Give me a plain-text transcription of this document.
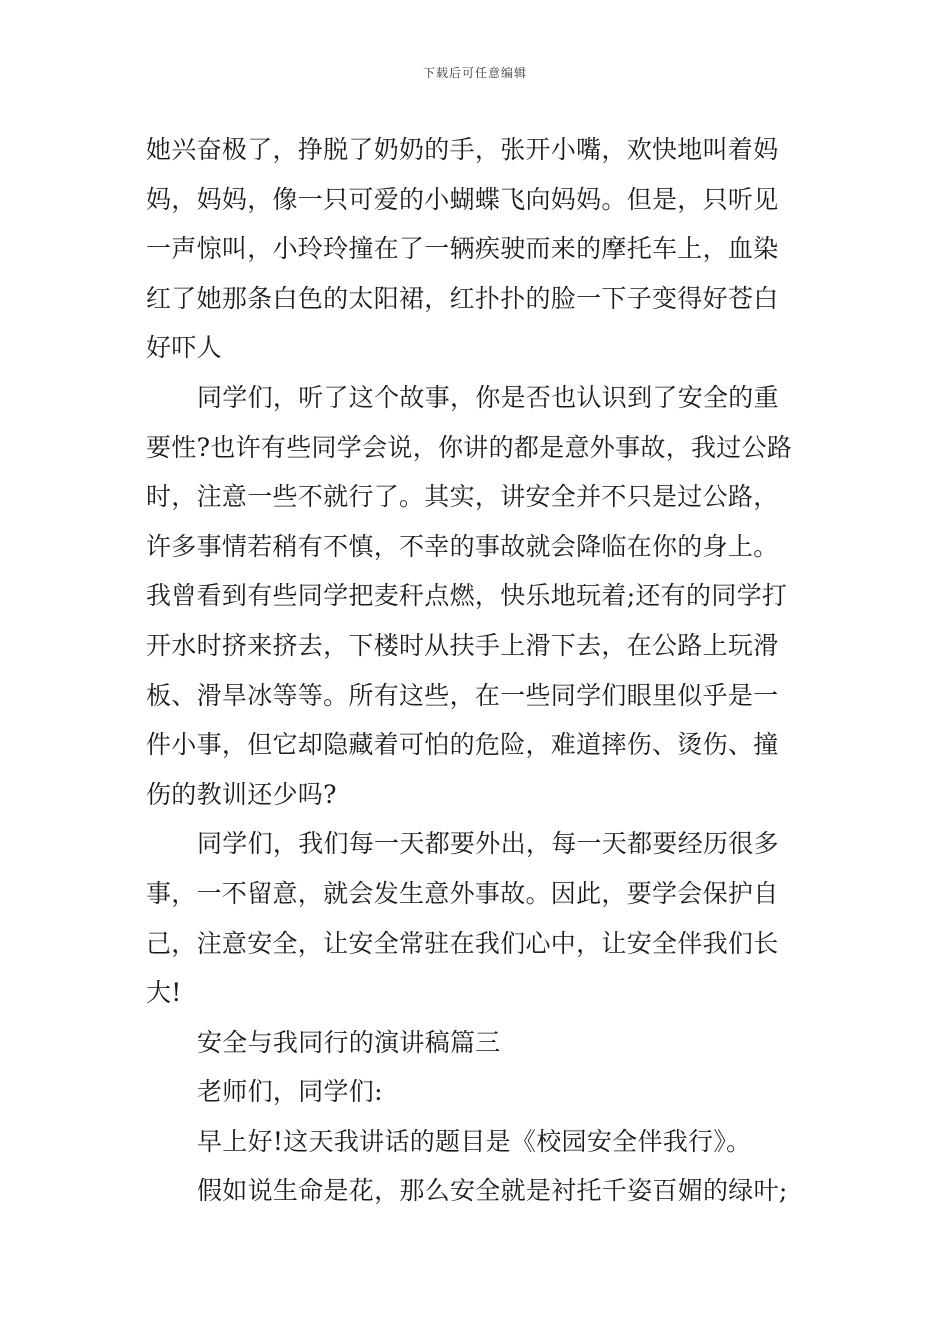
下载后可任意编辑
她兴奋极了，挣脱了奶奶的手，张开小嘴，欢快地叫着妈
妈，妈妈，像一只可爱的小蝴蝶飞向妈妈。但是，只听见
一声惊叫，小玲玲撞在了一辆疾驶而来的摩托车上，血染
红了她那条白色的太阳裙，红扑扑的脸一下子变得好苍白
好吓人
同学们，听了这个故事，你是否也认识到了安全的重
要性?也许有些同学会说，你讲的都是意外事故，我过公路
时，注意一些不就行了。其实，讲安全并不只是过公路，
许多事情若稍有不慎，不幸的事故就会降临在你的身上。
我曾看到有些同学把麦秆点燃，快乐地玩着;还有的同学打
开水时挤来挤去，下楼时从扶手上滑下去，在公路上玩滑
板、滑旱冰等等。所有这些，在一些同学们眼里似乎是一
件小事，但它却隐藏着可怕的危险，难道摔伤、烫伤、撞
伤的教训还少吗?
同学们，我们每一天都要外出，每一天都要经历很多
事，一不留意，就会发生意外事故。因此，要学会保护自
己，注意安全，让安全常驻在我们心中，让安全伴我们长
大!
安全与我同行的演讲稿篇三
老师们，同学们:
早上好!这天我讲话的题目是《校园安全伴我行》。
假如说生命是花，那么安全就是衬托千姿百媚的绿叶;
